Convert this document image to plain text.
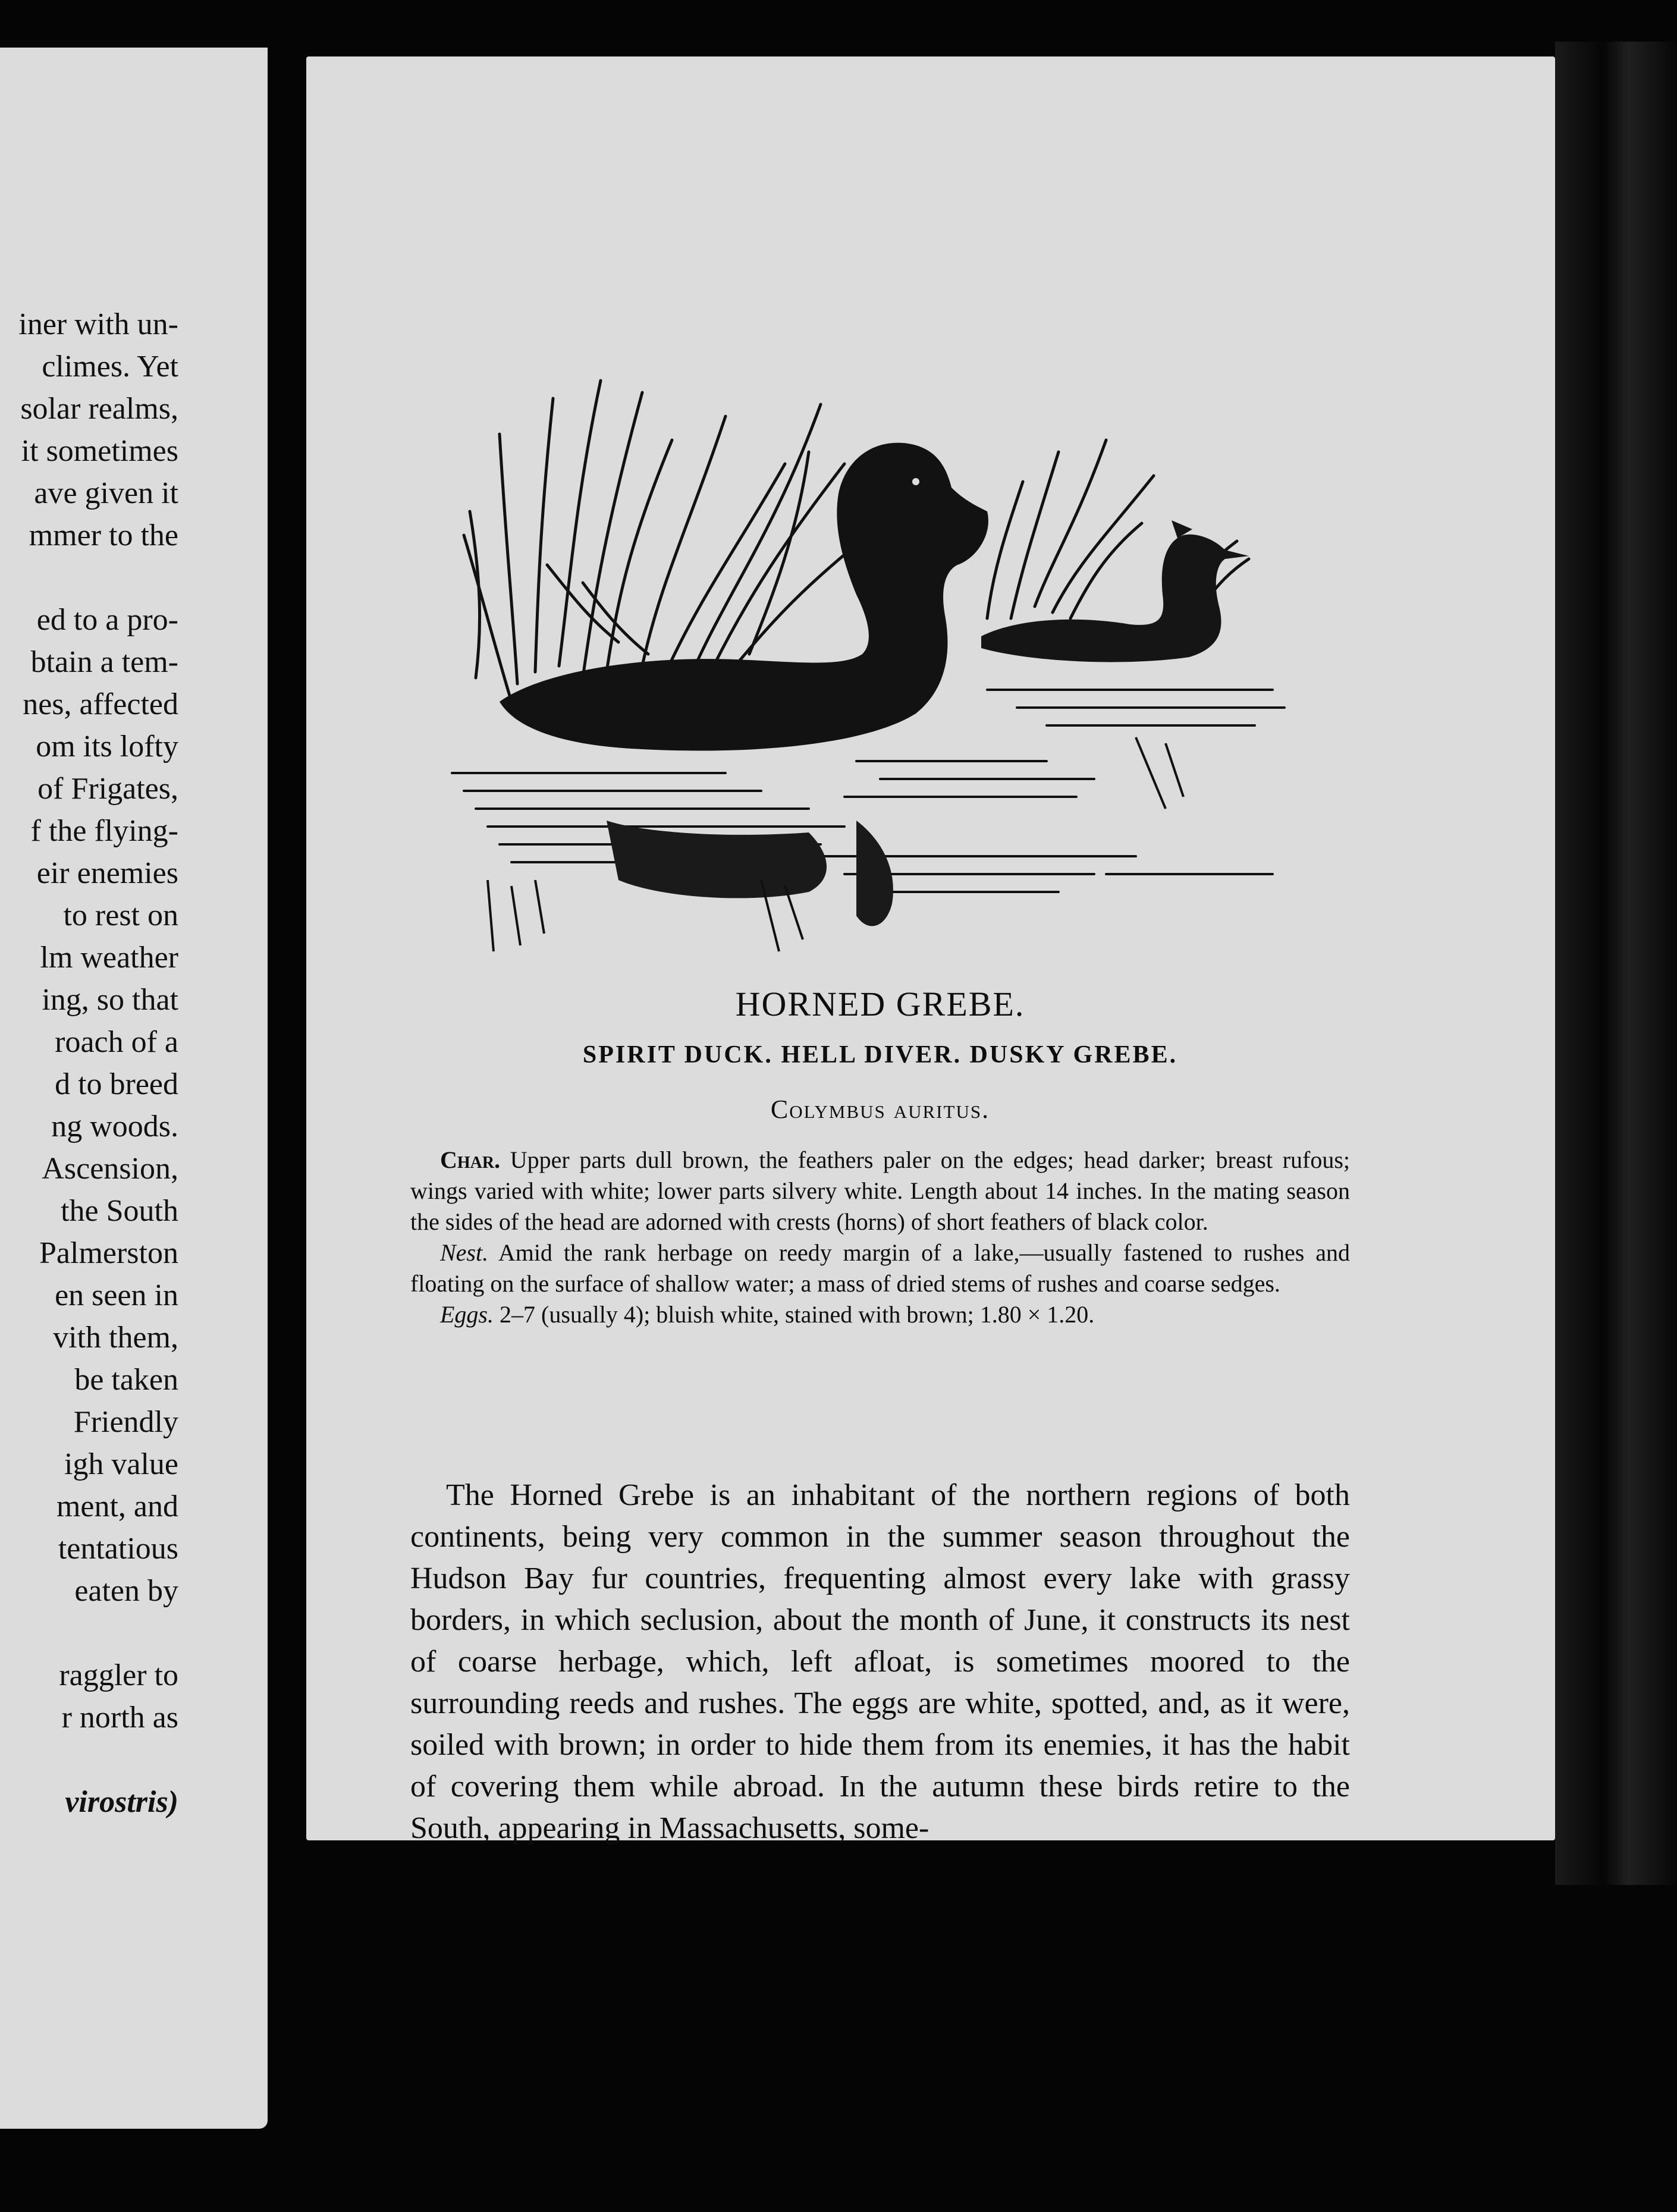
iner with un-
climes. Yet
solar realms,
it sometimes
ave given it
mmer to the

ed to a pro-
btain a tem-
nes, affected
om its lofty
of Frigates,
f the flying-
eir enemies
to rest on
lm weather
ing, so that
roach of a
d to breed
ng woods.
Ascension,
the South
Palmerston
en seen in
vith them,
be taken
Friendly
igh value
ment, and
tentatious
eaten by

raggler to
r north as

virostris)
HORNED GREBE.
SPIRIT DUCK. HELL DIVER. DUSKY GREBE.
Colymbus auritus.

Char. Upper parts dull brown, the feathers paler on the edges; head darker; breast rufous; wings varied with white; lower parts silvery white. Length about 14 inches. In the mating season the sides of the head are adorned with crests (horns) of short feathers of black color.

Nest. Amid the rank herbage on reedy margin of a lake,—usually fastened to rushes and floating on the surface of shallow water; a mass of dried stems of rushes and coarse sedges.

Eggs. 2–7 (usually 4); bluish white, stained with brown; 1.80 × 1.20.

The Horned Grebe is an inhabitant of the northern regions of both continents, being very common in the summer season throughout the Hudson Bay fur countries, frequenting almost every lake with grassy borders, in which seclusion, about the month of June, it constructs its nest of coarse herbage, which, left afloat, is sometimes moored to the surrounding reeds and rushes. The eggs are white, spotted, and, as it were, soiled with brown; in order to hide them from its enemies, it has the habit of covering them while abroad. In the autumn these birds retire to the South, appearing in Massachusetts, some-
